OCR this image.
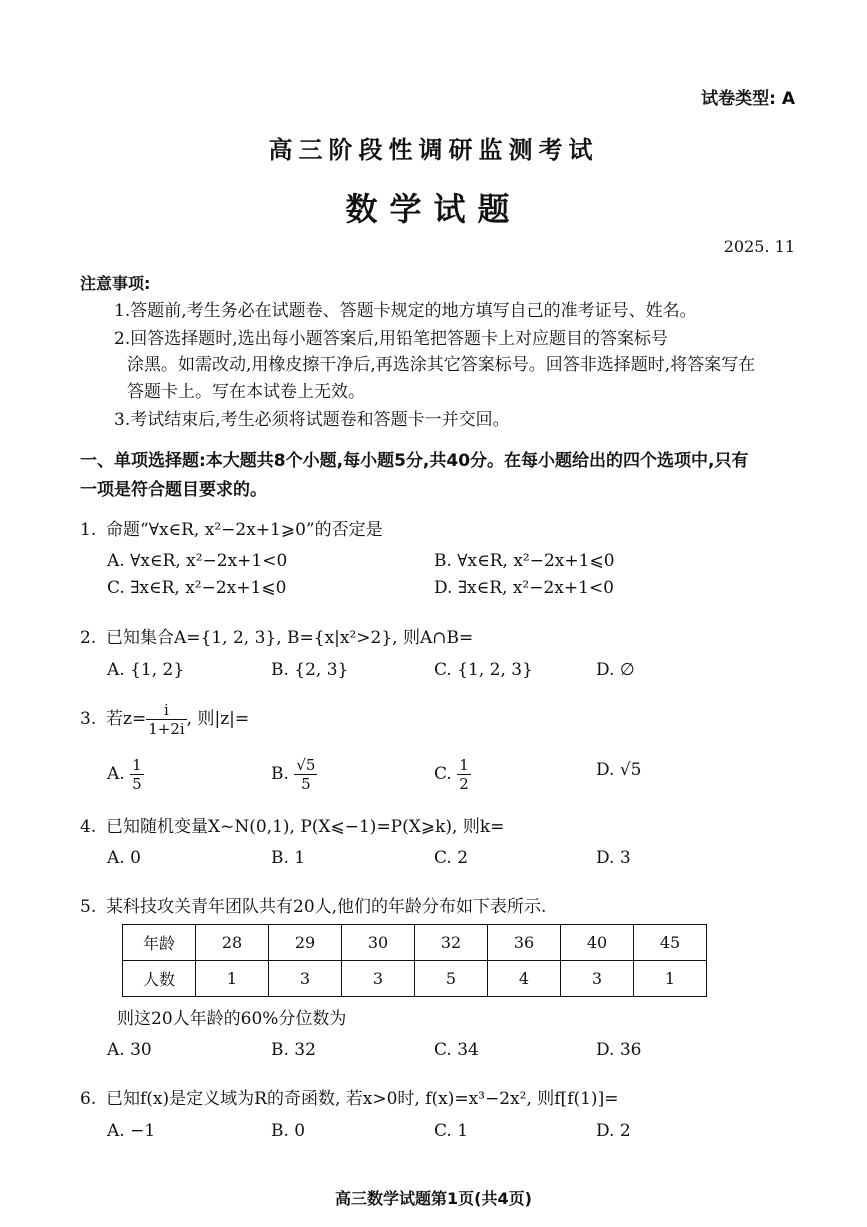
试卷类型: A
高三阶段性调研监测考试
数学试题
2025. 11
注意事项:
1.答题前,考生务必在试题卷、答题卡规定的地方填写自己的准考证号、姓名。
2.回答选择题时,选出每小题答案后,用铅笔把答题卡上对应题目的答案标号
涂黑。如需改动,用橡皮擦干净后,再选涂其它答案标号。回答非选择题时,将答案写在
答题卡上。写在本试卷上无效。
3.考试结束后,考生必须将试题卷和答题卡一并交回。
一、单项选择题:本大题共8个小题,每小题5分,共40分。在每小题给出的四个选项中,只有
一项是符合题目要求的。
1. 命题“∀x∈R, x²−2x+1⩾0”的否定是
A. ∀x∈R, x²−2x+1<0	B. ∀x∈R, x²−2x+1⩽0
C. ∃x∈R, x²−2x+1⩽0	D. ∃x∈R, x²−2x+1<0
2. 已知集合A={1, 2, 3}, B={x|x²>2}, 则A∩B=
A. {1, 2}	B. {2, 3}	C. {1, 2, 3}	D. ∅
3. 若$z= \frac{i}{1+2i}$ , 则|z|=
A. $\frac{1}{5}$	B. $\frac{√5}{5}$	C. $\frac{1}{2}$	D. √5
4. 已知随机变量X~N(0,1), P(X⩽−1)=P(X⩾k), 则k=
A. 0	B. 1	C. 2	D. 3
5. 某科技攻关青年团队共有20人,他们的年龄分布如下表所示.
年龄	28	29	30	32	36	40	45
人数	1	3	3	5	4	3	1
则这20人年龄的60%分位数为
A. 30	B. 32	C. 34	D. 36
6. 已知f(x)是定义域为R的奇函数, 若x>0时, f(x)=x³−2x², 则f[f(1)]=
A. −1	B. 0	C. 1	D. 2
高三数学试题第1页(共4页)
